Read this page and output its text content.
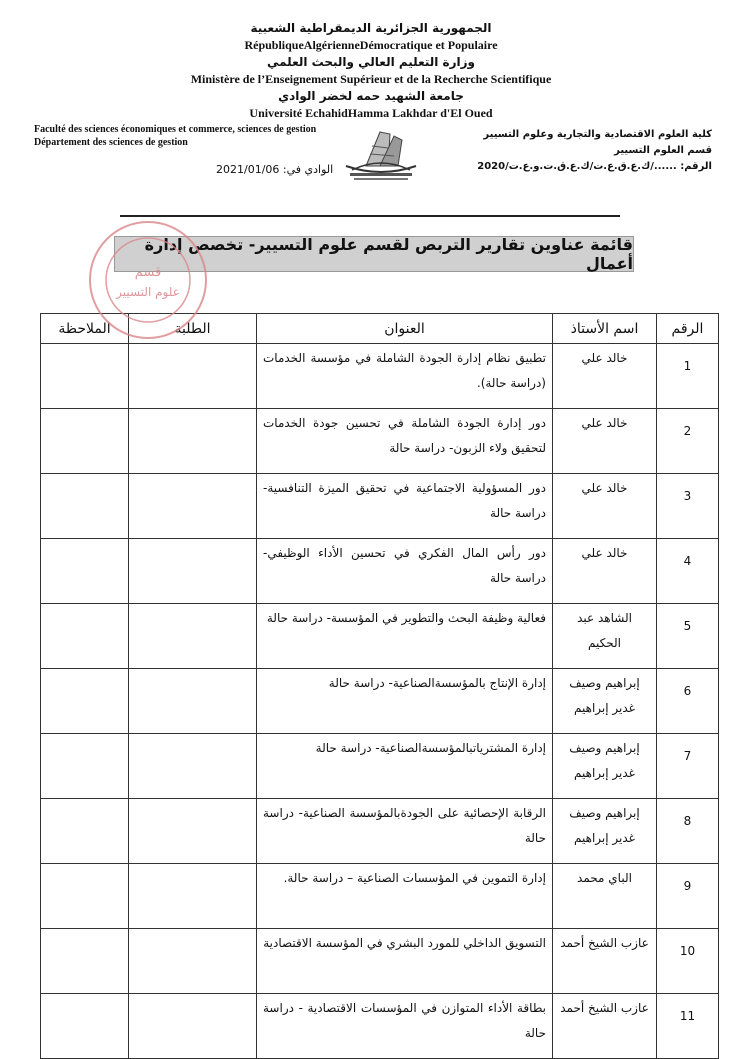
الجمهورية الجزائرية الديمقراطية الشعبية
RépubliqueAlgérienneDémocratique et Populaire
وزارة التعليم العالي والبحث العلمي
Ministère de l’Enseignement Supérieur et de la Recherche Scientifique
جامعة الشهيد حمه لخضر الوادي
Université EchahidHamma Lakhdar d'El Oued
Faculté des sciences économiques et commerce, sciences de gestion
Département des sciences de gestion
كلية العلوم الاقتصادية والتجارية وعلوم التسيير
قسم العلوم التسيير
الرقم: ....../ك.ع.ق.ع.ت/ك.ع.ق.ت.و.ع.ت/2020
الوادي في: 2021/01/06
قائمة عناوين تقارير التربص لقسم علوم التسيير- تخصص إدارة أعمال
الرقم	اسم الأستاذ	العنوان	الطلبة	الملاحظة
1	خالد علي	تطبيق نظام إدارة الجودة الشاملة في مؤسسة الخدمات (دراسة حالة).		
2	خالد علي	دور إدارة الجودة الشاملة في تحسين جودة الخدمات لتحقيق ولاء الزبون- دراسة حالة		
3	خالد علي	دور المسؤولية الاجتماعية في تحقيق الميزة التنافسية- دراسة حالة		
4	خالد علي	دور رأس المال الفكري في تحسين الأداء الوظيفي- دراسة حالة		
5	الشاهد عبد الحكيم	فعالية وظيفة البحث والتطوير في المؤسسة- دراسة حالة		
6	إبراهيم وصيف غدير إبراهيم	إدارة الإنتاج بالمؤسسةالصناعية- دراسة حالة		
7	إبراهيم وصيف غدير إبراهيم	إدارة المشترياتبالمؤسسةالصناعية- دراسة حالة		
8	إبراهيم وصيف غدير إبراهيم	الرقابة الإحصائية على الجودةبالمؤسسة الصناعية- دراسة حالة		
9	الباي محمد	إدارة التموين في المؤسسات الصناعية – دراسة حالة.		
10	عازب الشيخ أحمد	التسويق الداخلي للمورد البشري في المؤسسة الاقتصادية		
11	عازب الشيخ أحمد	بطاقة الأداء المتوازن في المؤسسات الاقتصادية - دراسة حالة		
قسم
علوم التسيير
